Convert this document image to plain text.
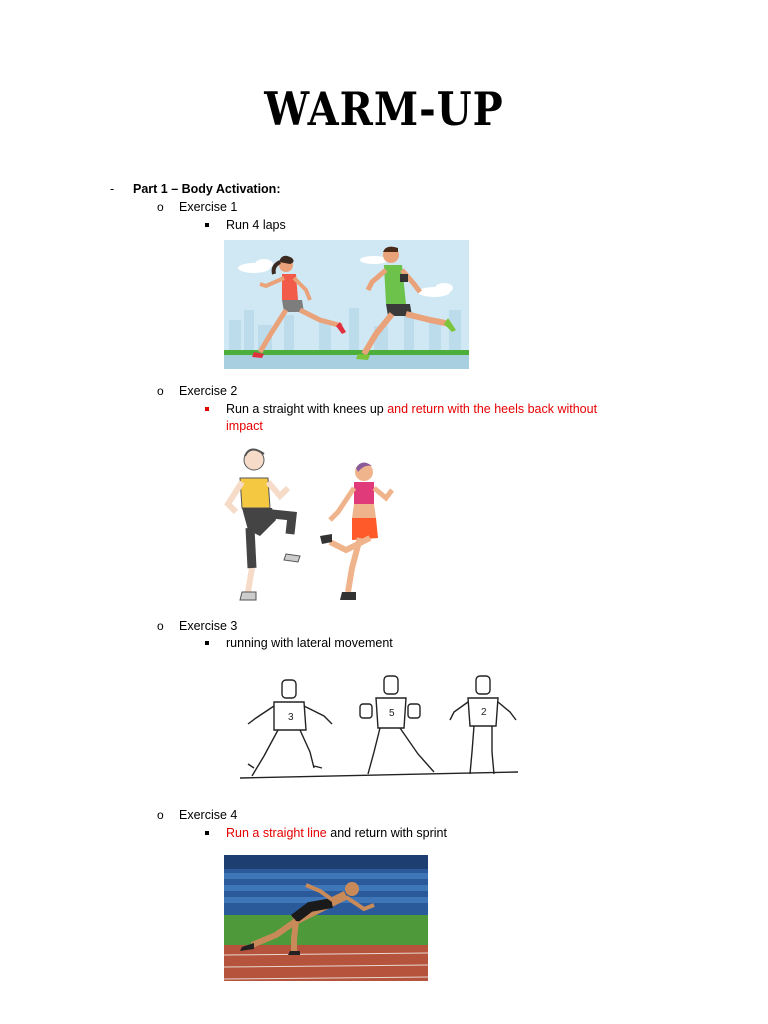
WARM-UP
- Part 1 – Body Activation:
o Exercise 1
Run 4 laps
o Exercise 2
Run a straight with knees up and return with the heels back without
impact
o Exercise 3
running with lateral movement
3	5	2
o Exercise 4
Run a straight line and return with sprint
